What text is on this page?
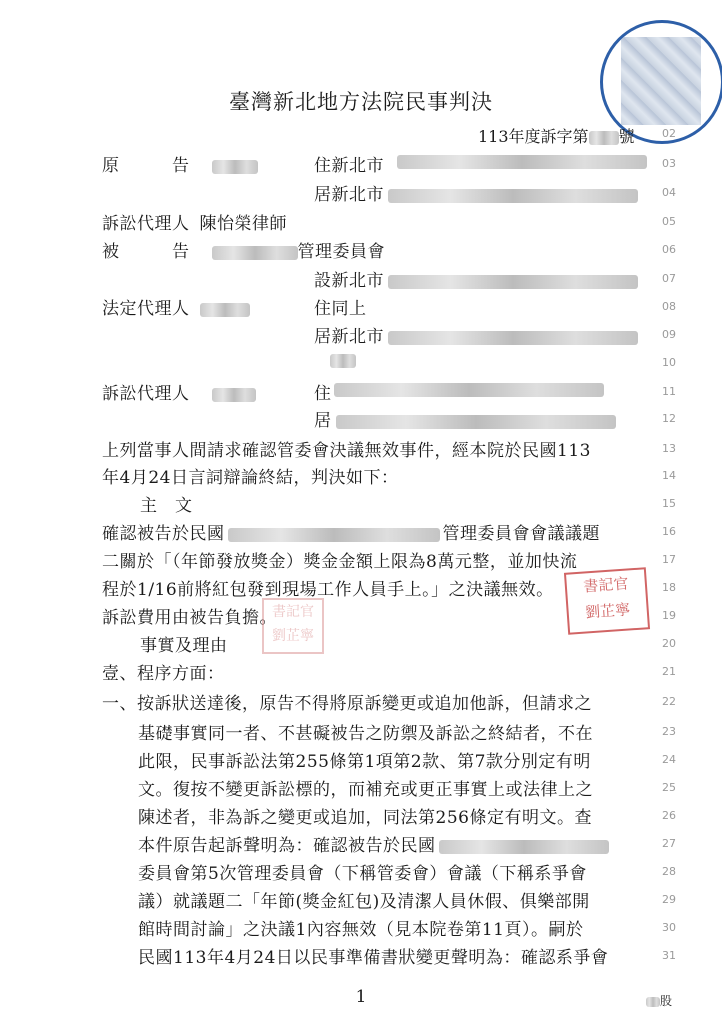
臺灣新北地方法院民事判決
113年度訴字第 號
原　　　告	住新北市
居新北市
訴訟代理人 陳怡榮律師
被　　　告	管理委員會
設新北市
法定代理人	住同上
居新北市
訴訟代理人	住
居
上列當事人間請求確認管委會決議無效事件，經本院於民國113
年4月24日言詞辯論終結，判決如下：
主　文
確認被告於民國	管理委員會會議議題
二關於「（年節發放獎金）獎金金額上限為8萬元整，並加快流
程於1/16前將紅包發到現場工作人員手上。」之決議無效。
訴訟費用由被告負擔。
事實及理由
壹、程序方面：
一、按訴狀送達後，原告不得將原訴變更或追加他訴，但請求之
基礎事實同一者、不甚礙被告之防禦及訴訟之終結者，不在
此限，民事訴訟法第255條第1項第2款、第7款分別定有明
文。復按不變更訴訟標的，而補充或更正事實上或法律上之
陳述者，非為訴之變更或追加，同法第256條定有明文。查
本件原告起訴聲明為：確認被告於民國
委員會第5次管理委員會（下稱管委會）會議（下稱系爭會
議）就議題二「年節(獎金紅包)及清潔人員休假、俱樂部開
館時間討論」之決議1內容無效（見本院卷第11頁）。嗣於
民國113年4月24日以民事準備書狀變更聲明為：確認系爭會
02
03
04
05
06
07
08
09
10
11
12
13
14
15
16
17
18
19
20
21
22
23
24
25
26
27
28
29
30
31
書記官
劉芷寧
書記官
劉芷寧
1	股
